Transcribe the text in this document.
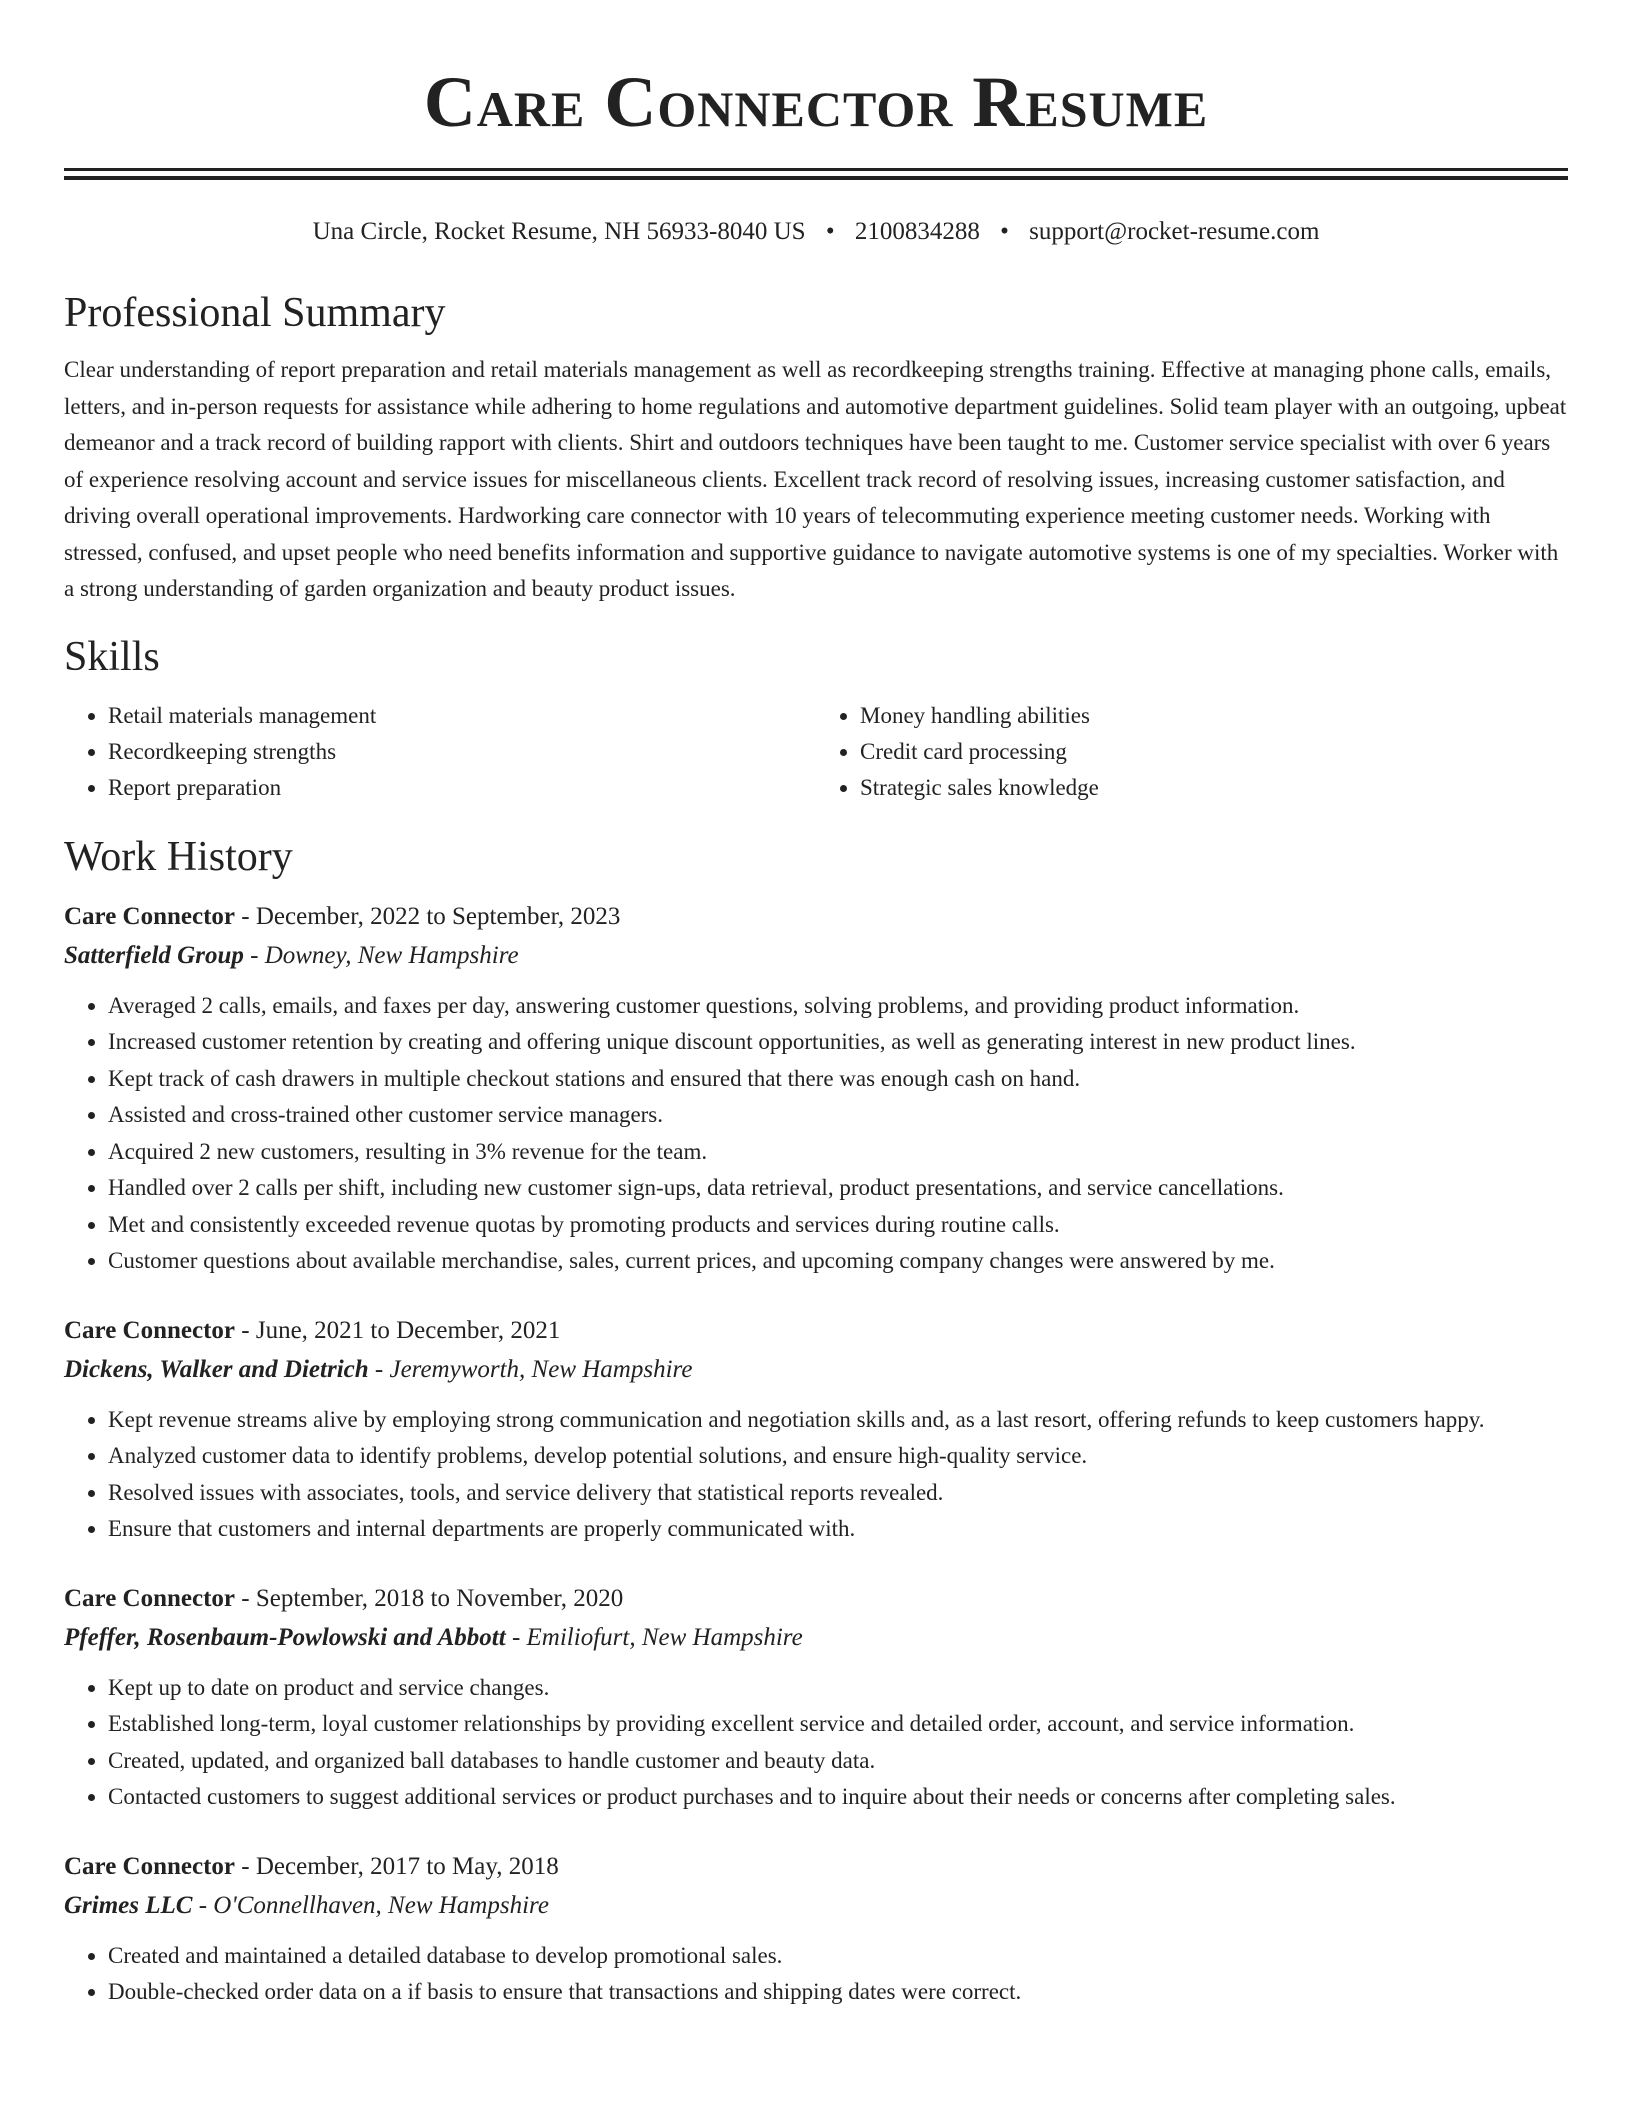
Care Connector Resume
Una Circle, Rocket Resume, NH 56933-8040 US • 2100834288 • support@rocket-resume.com
Professional Summary

Clear understanding of report preparation and retail materials management as well as recordkeeping strengths training. Effective at managing phone calls, emails, letters, and in-person requests for assistance while adhering to home regulations and automotive department guidelines. Solid team player with an outgoing, upbeat demeanor and a track record of building rapport with clients. Shirt and outdoors techniques have been taught to me. Customer service specialist with over 6 years of experience resolving account and service issues for miscellaneous clients. Excellent track record of resolving issues, increasing customer satisfaction, and driving overall operational improvements. Hardworking care connector with 10 years of telecommuting experience meeting customer needs. Working with stressed, confused, and upset people who need benefits information and supportive guidance to navigate automotive systems is one of my specialties. Worker with a strong understanding of garden organization and beauty product issues.

Skills
• Retail materials management
• Recordkeeping strengths
• Report preparation
• Money handling abilities
• Credit card processing
• Strategic sales knowledge
Work History
Care Connector - December, 2022 to September, 2023
Satterfield Group - Downey, New Hampshire
• Averaged 2 calls, emails, and faxes per day, answering customer questions, solving problems, and providing product information.
• Increased customer retention by creating and offering unique discount opportunities, as well as generating interest in new product lines.
• Kept track of cash drawers in multiple checkout stations and ensured that there was enough cash on hand.
• Assisted and cross-trained other customer service managers.
• Acquired 2 new customers, resulting in 3% revenue for the team.
• Handled over 2 calls per shift, including new customer sign-ups, data retrieval, product presentations, and service cancellations.
• Met and consistently exceeded revenue quotas by promoting products and services during routine calls.
• Customer questions about available merchandise, sales, current prices, and upcoming company changes were answered by me.
Care Connector - June, 2021 to December, 2021
Dickens, Walker and Dietrich - Jeremyworth, New Hampshire
• Kept revenue streams alive by employing strong communication and negotiation skills and, as a last resort, offering refunds to keep customers happy.
• Analyzed customer data to identify problems, develop potential solutions, and ensure high-quality service.
• Resolved issues with associates, tools, and service delivery that statistical reports revealed.
• Ensure that customers and internal departments are properly communicated with.
Care Connector - September, 2018 to November, 2020
Pfeffer, Rosenbaum-Powlowski and Abbott - Emiliofurt, New Hampshire
• Kept up to date on product and service changes.
• Established long-term, loyal customer relationships by providing excellent service and detailed order, account, and service information.
• Created, updated, and organized ball databases to handle customer and beauty data.
• Contacted customers to suggest additional services or product purchases and to inquire about their needs or concerns after completing sales.
Care Connector - December, 2017 to May, 2018
Grimes LLC - O'Connellhaven, New Hampshire
• Created and maintained a detailed database to develop promotional sales.
• Double-checked order data on a if basis to ensure that transactions and shipping dates were correct.
